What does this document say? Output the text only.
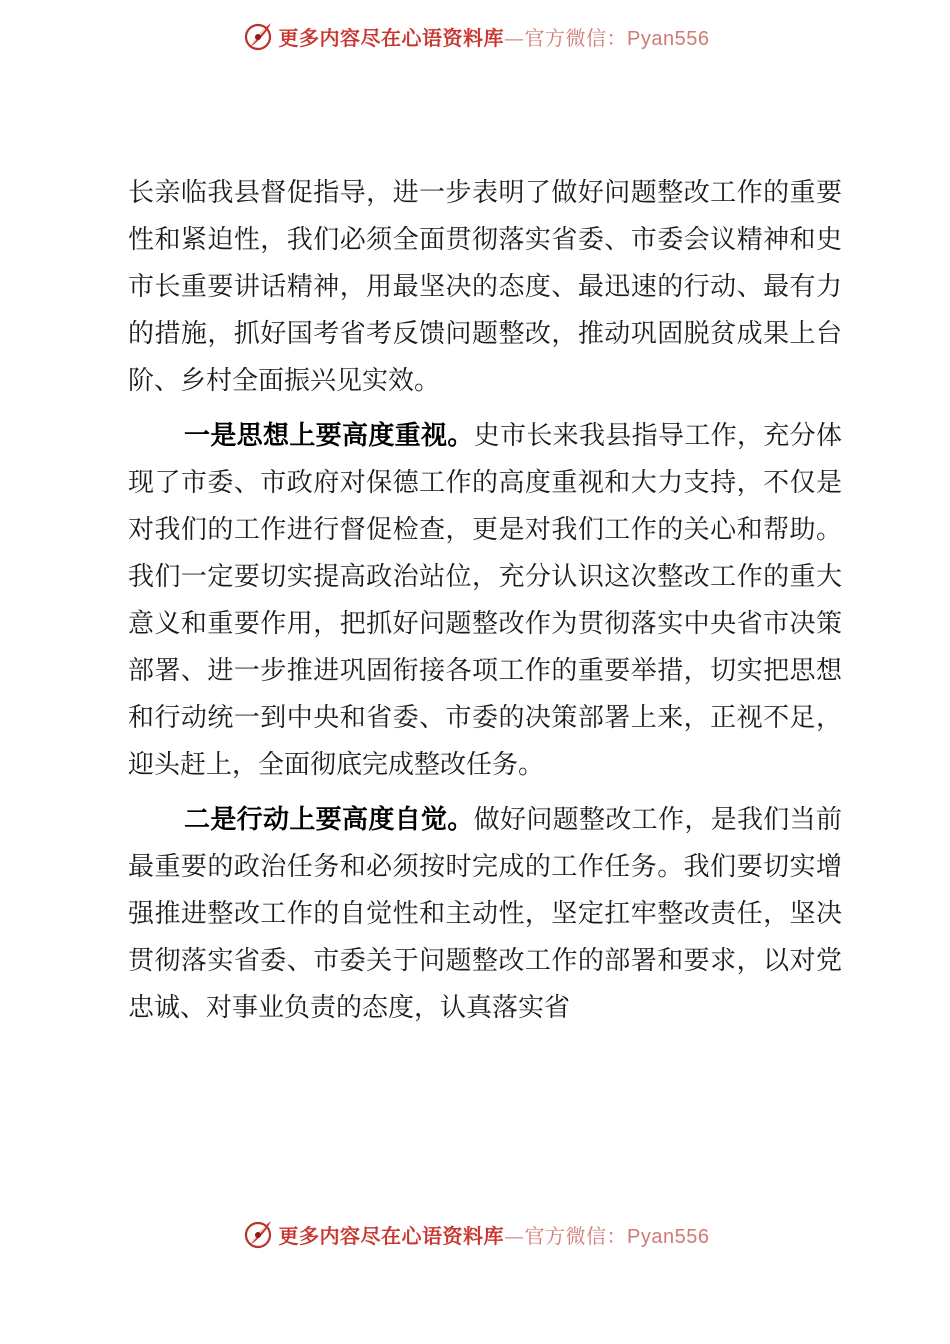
更多内容尽在心语资料库—官方微信：Pyan556

长亲临我县督促指导，进一步表明了做好问题整改工作的重要性和紧迫性，我们必须全面贯彻落实省委、市委会议精神和史市长重要讲话精神，用最坚决的态度、最迅速的行动、最有力的措施，抓好国考省考反馈问题整改，推动巩固脱贫成果上台阶、乡村全面振兴见实效。

一是思想上要高度重视。史市长来我县指导工作，充分体现了市委、市政府对保德工作的高度重视和大力支持，不仅是对我们的工作进行督促检查，更是对我们工作的关心和帮助。我们一定要切实提高政治站位，充分认识这次整改工作的重大意义和重要作用，把抓好问题整改作为贯彻落实中央省市决策部署、进一步推进巩固衔接各项工作的重要举措，切实把思想和行动统一到中央和省委、市委的决策部署上来，正视不足，迎头赶上，全面彻底完成整改任务。

二是行动上要高度自觉。做好问题整改工作，是我们当前最重要的政治任务和必须按时完成的工作任务。我们要切实增强推进整改工作的自觉性和主动性，坚定扛牢整改责任，坚决贯彻落实省委、市委关于问题整改工作的部署和要求，以对党忠诚、对事业负责的态度，认真落实省

更多内容尽在心语资料库—官方微信：Pyan556
